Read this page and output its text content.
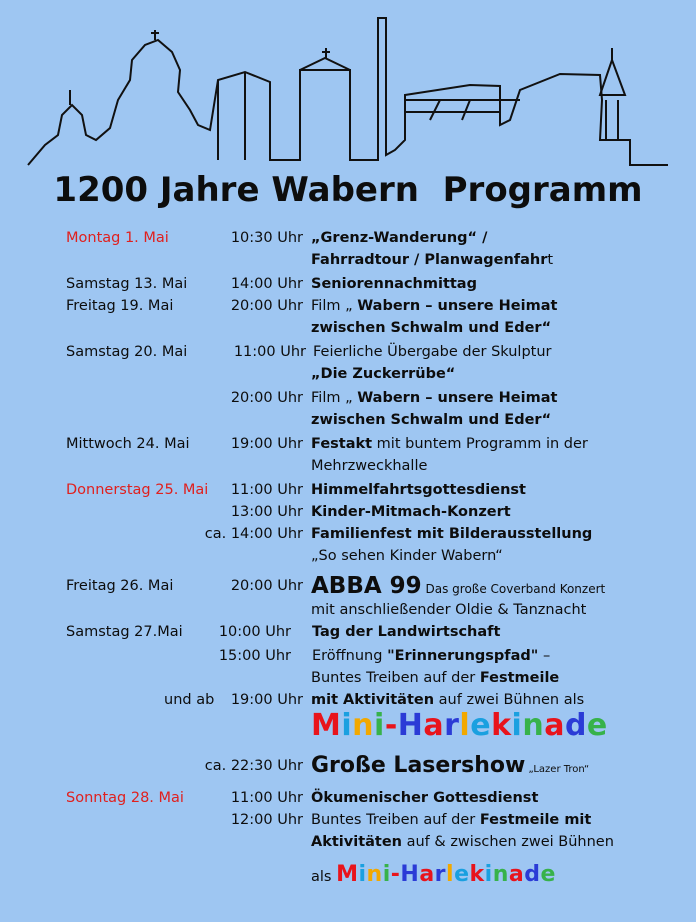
1200 Jahre Wabern  Programm
Montag 1. Mai	10:30 Uhr „Grenz-Wanderung“ /
Fahrradtour / Planwagenfahrt
Samstag 13. Mai	14:00 Uhr Seniorennachmittag
Freitag 19. Mai	20:00 Uhr Film „ Wabern – unsere Heimat
zwischen Schwalm und Eder“
Samstag 20. Mai	11:00 Uhr Feierliche Übergabe der Skulptur
„Die Zuckerrübe“
20:00 Uhr Film „ Wabern – unsere Heimat
zwischen Schwalm und Eder“
Mittwoch 24. Mai	19:00 Uhr Festakt mit buntem Programm in der
Mehrzweckhalle
Donnerstag 25. Mai	11:00 Uhr Himmelfahrtsgottesdienst
13:00 Uhr Kinder-Mitmach-Konzert
ca. 14:00 Uhr Familienfest mit Bilderausstellung
„So sehen Kinder Wabern“
Freitag 26. Mai	20:00 Uhr ABBA 99 Das große Coverband Konzert
mit anschließender Oldie & Tanznacht
Samstag 27.Mai	10:00 Uhr Tag der Landwirtschaft
15:00 Uhr Eröffnung "Erinnerungspfad" –
Buntes Treiben auf der Festmeile
und ab	19:00 Uhr mit Aktivitäten auf zwei Bühnen als
Mini-Harlekinade
ca. 22:30 Uhr Große Lasershow „Lazer Tron“
Sonntag 28. Mai	11:00 Uhr Ökumenischer Gottesdienst
12:00 Uhr Buntes Treiben auf der Festmeile mit
Aktivitäten auf & zwischen zwei Bühnen
als Mini-Harlekinade
